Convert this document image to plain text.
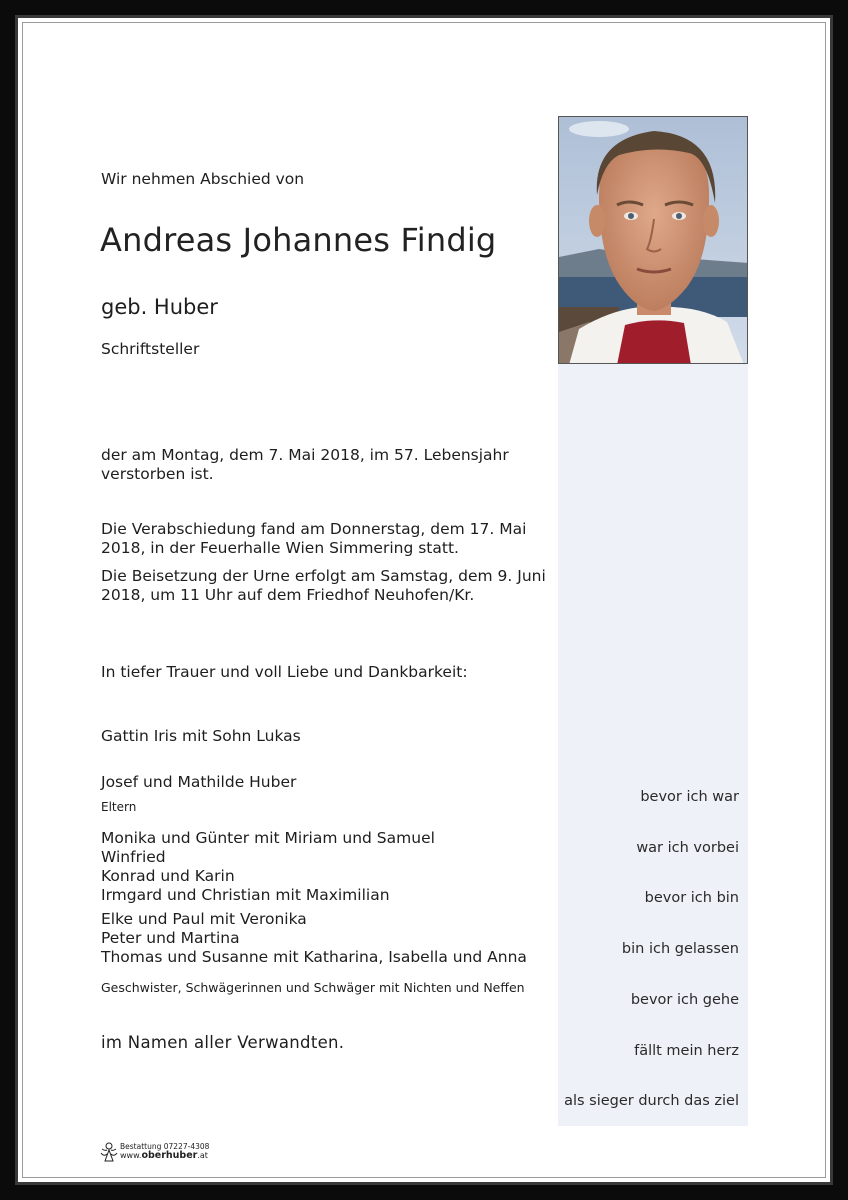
Wir nehmen Abschied von
Andreas Johannes Findig
geb. Huber
Schriftsteller
der am Montag, dem 7. Mai 2018, im 57. Lebensjahr verstorben ist.
Die Verabschiedung fand am Donnerstag, dem 17. Mai 2018, in der Feuerhalle Wien Simmering statt.
Die Beisetzung der Urne erfolgt am Samstag, dem 9. Juni 2018, um 11 Uhr auf dem Friedhof Neuhofen/Kr.
In tiefer Trauer und voll Liebe und Dankbarkeit:
Gattin Iris mit Sohn Lukas
Josef und Mathilde Huber
Eltern
Monika und Günter mit Miriam und Samuel
Winfried
Konrad und Karin
Irmgard und Christian mit Maximilian
Elke und Paul mit Veronika
Peter und Martina
Thomas und Susanne mit Katharina, Isabella und Anna
Geschwister, Schwägerinnen und Schwäger mit Nichten und Neffen
im Namen aller Verwandten.
bevor ich war
war ich vorbei
bevor ich bin
bin ich gelassen
bevor ich gehe
fällt mein herz
als sieger durch das ziel
Bestattung 07227-4308
www.oberhuber.at
